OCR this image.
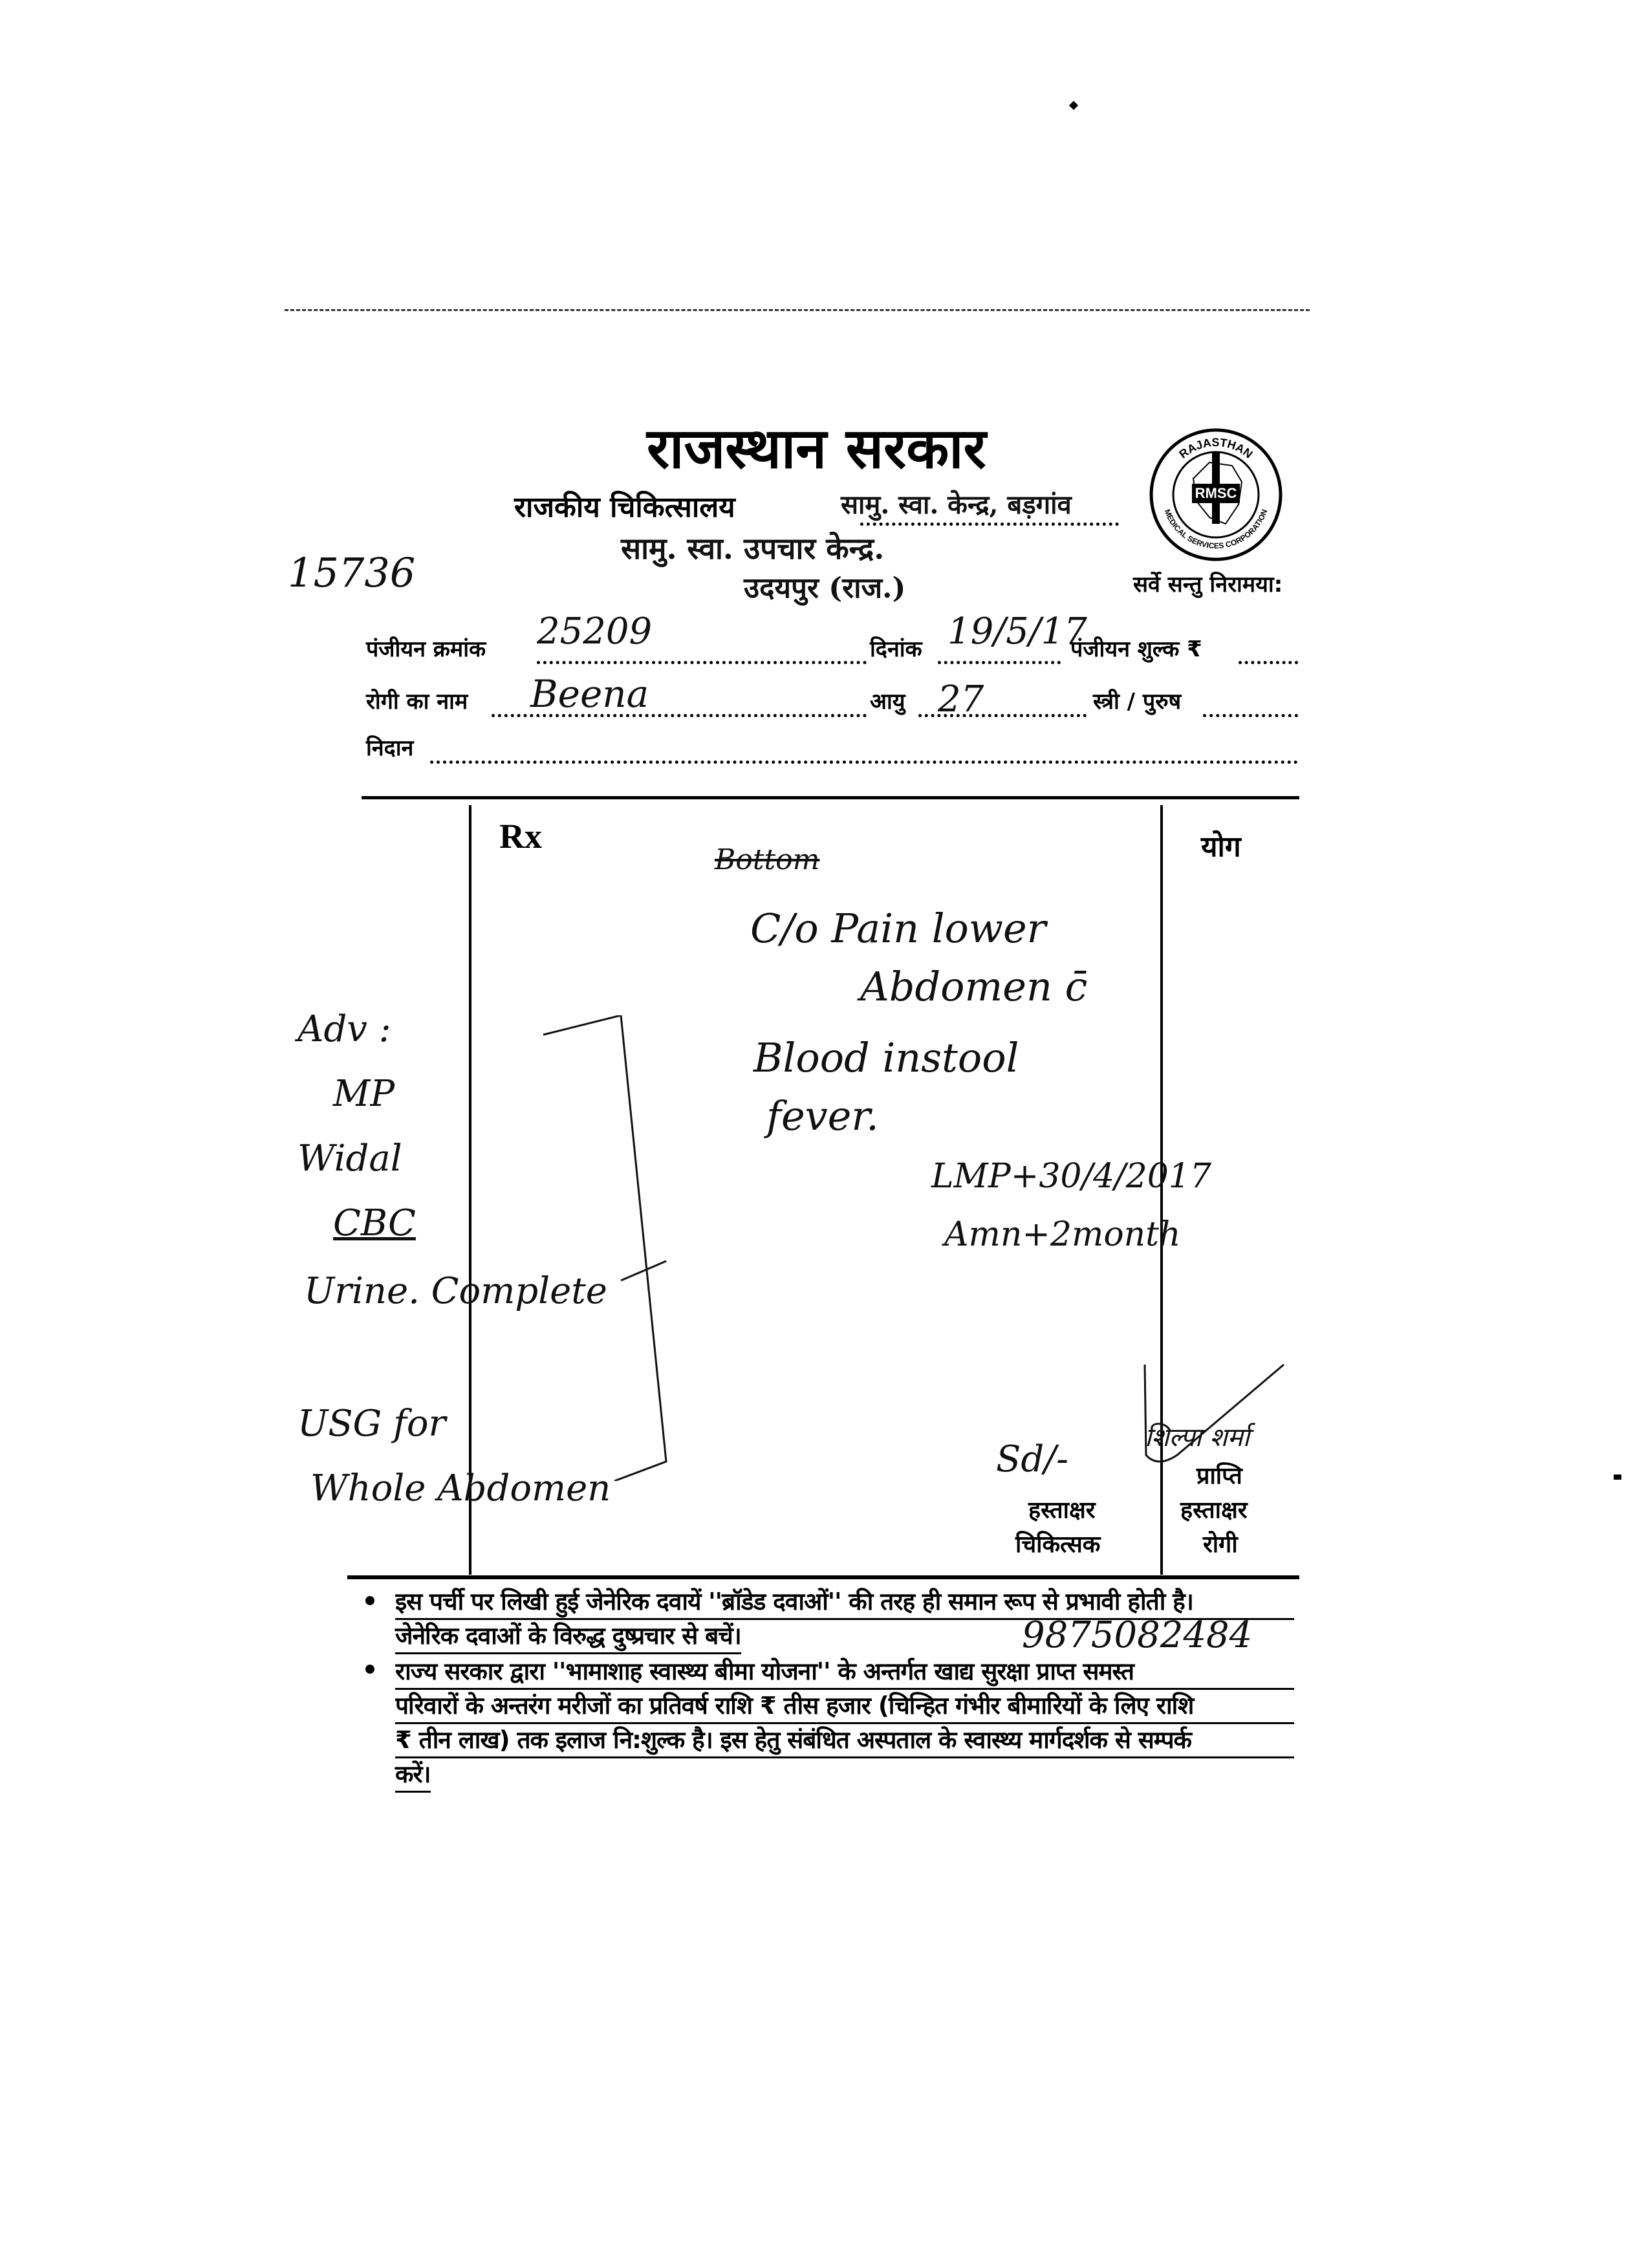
राजस्थान सरकार
राजकीय चिकित्सालय	RMSC
RAJASTHAN
MEDICAL SERVICES CORPORATION
सर्वे सन्तु निरामया:
सामु. स्वा. केन्द्र, बड़गांव
सामु. स्वा. उपचार केन्द्र.
उदयपुर (राज.)
15736
पंजीयन क्रमांक 25209	दिनांक 19/5/17
पंजीयन शुल्क ₹
रोगी का नाम Beena	आयु 27	स्त्री / पुरुष
निदान
Rx	योग
Bottom
C/o Pain lower
Abdomen c̄
Blood instool
fever.
LMP+30/4/2017
Amn+2month
Adv :
MP
Widal
CBC
Urine. Complete
USG for
Whole Abdomen
Sd/-
शिल्पा शर्मा
हस्ताक्षर
चिकित्सक
प्राप्ति
हस्ताक्षर
रोगी
इस पर्ची पर लिखी हुई जेनेरिक दवायें ''ब्रॉडेड दवाओं'' की तरह ही समान रूप से प्रभावी होती है।
जेनेरिक दवाओं के विरुद्ध दुष्प्रचार से बचें।	9875082484
राज्य सरकार द्वारा ''भामाशाह स्वास्थ्य बीमा योजना'' के अन्तर्गत खाद्य सुरक्षा प्राप्त समस्त
परिवारों के अन्तरंग मरीजों का प्रतिवर्ष राशि ₹ तीस हजार (चिन्हित गंभीर बीमारियों के लिए राशि
₹ तीन लाख) तक इलाज नि:शुल्क है। इस हेतु संबंधित अस्पताल के स्वास्थ्य मार्गदर्शक से सम्पर्क
करें।
